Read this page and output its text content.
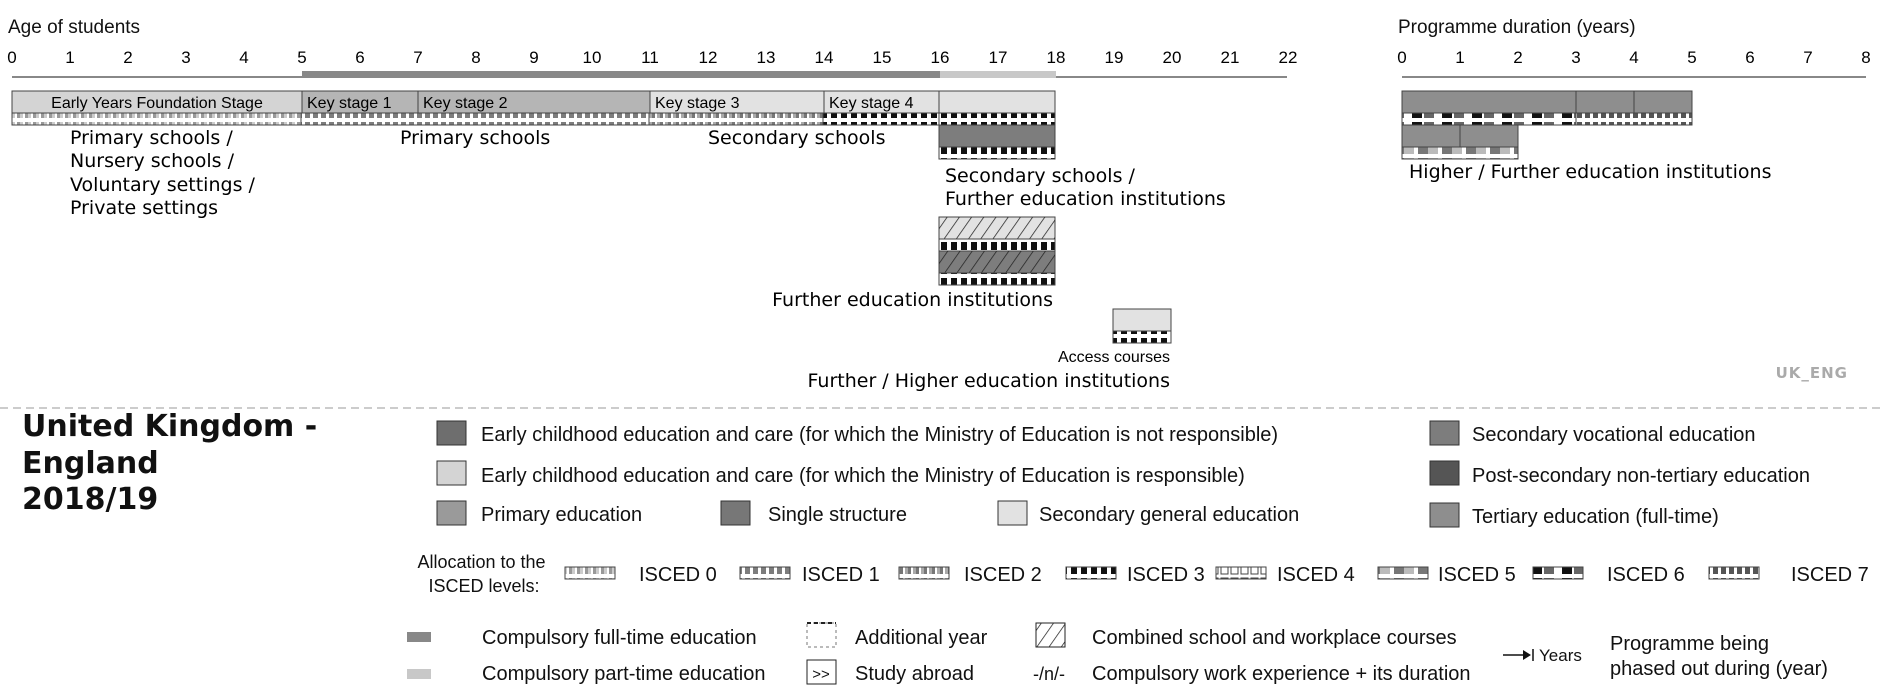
Age of students
0	1	2	3	4	5	6	7	8	9	10 11 12 13 14 15 16 17 18 19 20 21 22
Programme duration (years)
0	1	2	3	4	5	6	7	8
Early Years Foundation Stage	Key stage 1 Key stage 2	Key stage 3	Key stage 4
Access courses
Primary schools / Nursery schools / Voluntary settings / Private settings
Primary schools	Secondary schools
Secondary schools / Further education institutions
Further education institutions
Further / Higher education institutions
Higher / Further education institutions
UK_ENG
United Kingdom - England 2018/19
Early childhood education and care (for which the Ministry of Education is not responsible)
Early childhood education and care (for which the Ministry of Education is responsible)
Primary education	Single structure	Secondary general education
Secondary vocational education
Post-secondary non-tertiary education
Tertiary education (full-time)
Allocation to the ISCED levels:	ISCED 0	ISCED 1	ISCED 2	ISCED 3	ISCED 4	ISCED 5	ISCED 6	ISCED 7
Compulsory full-time education
Compulsory part-time education
Additional year
>> Study abroad
Combined school and workplace courses
-/n/- Compulsory work experience + its duration
Years
Programme being phased out during (year)
